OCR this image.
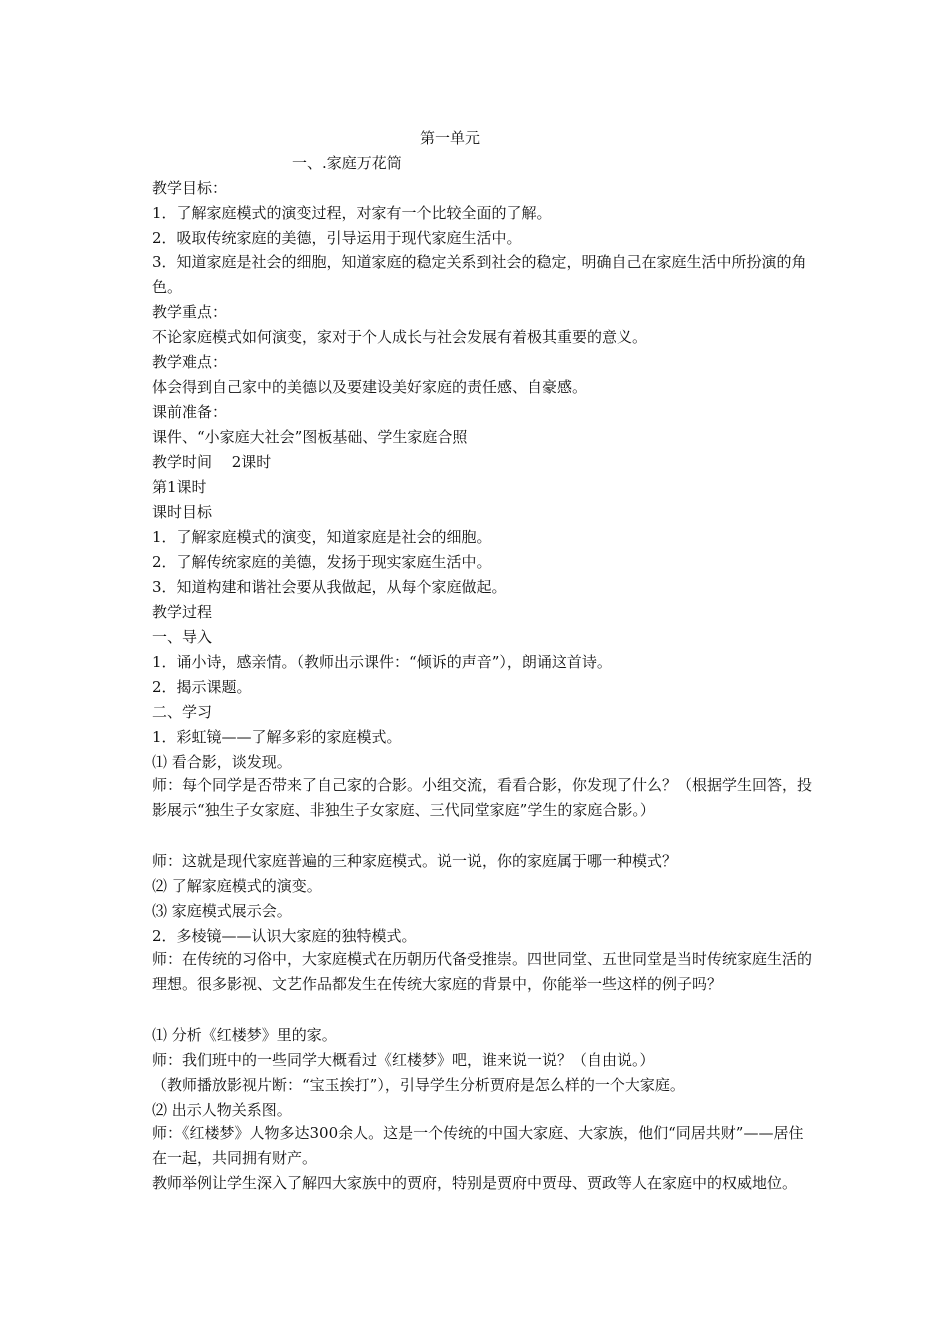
第一单元
一、.家庭万花筒
教学目标：
1．了解家庭模式的演变过程，对家有一个比较全面的了解。
2．吸取传统家庭的美德，引导运用于现代家庭生活中。
3．知道家庭是社会的细胞，知道家庭的稳定关系到社会的稳定，明确自己在家庭生活中所扮演的角色。
教学重点：
不论家庭模式如何演变，家对于个人成长与社会发展有着极其重要的意义。
教学难点：
体会得到自己家中的美德以及要建设美好家庭的责任感、自豪感。
课前准备：
课件、“小家庭大社会”图板基础、学生家庭合照
教学时间　 2课时
第1课时
课时目标
1．了解家庭模式的演变，知道家庭是社会的细胞。
2．了解传统家庭的美德，发扬于现实家庭生活中。
3．知道构建和谐社会要从我做起，从每个家庭做起。
教学过程
一、导入
1．诵小诗，感亲情。（教师出示课件：“倾诉的声音”），朗诵这首诗。
2．揭示课题。
二、学习
1．彩虹镜——了解多彩的家庭模式。
⑴ 看合影，谈发现。
师：每个同学是否带来了自己家的合影。小组交流，看看合影，你发现了什么？（根据学生回答，投影展示“独生子女家庭、非独生子女家庭、三代同堂家庭”学生的家庭合影。）
师：这就是现代家庭普遍的三种家庭模式。说一说，你的家庭属于哪一种模式？
⑵ 了解家庭模式的演变。
⑶ 家庭模式展示会。
2．多棱镜——认识大家庭的独特模式。
师：在传统的习俗中，大家庭模式在历朝历代备受推崇。四世同堂、五世同堂是当时传统家庭生活的理想。很多影视、文艺作品都发生在传统大家庭的背景中，你能举一些这样的例子吗？
⑴ 分析《红楼梦》里的家。
师：我们班中的一些同学大概看过《红楼梦》吧，谁来说一说？（自由说。）
（教师播放影视片断：“宝玉挨打”），引导学生分析贾府是怎么样的一个大家庭。
⑵ 出示人物关系图。
师：《红楼梦》人物多达300余人。这是一个传统的中国大家庭、大家族，他们“同居共财”——居住在一起，共同拥有财产。
教师举例让学生深入了解四大家族中的贾府，特别是贾府中贾母、贾政等人在家庭中的权威地位。
